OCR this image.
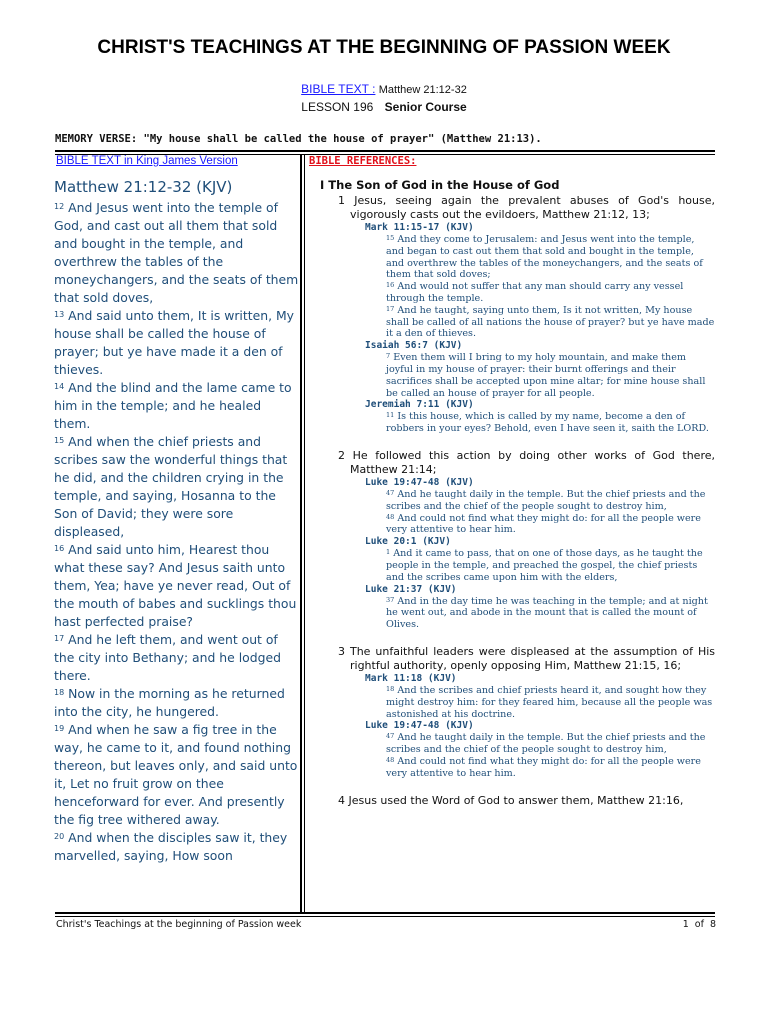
CHRIST'S TEACHINGS AT THE BEGINNING OF PASSION WEEK
BIBLE TEXT : Matthew 21:12-32
LESSON 196 Senior Course
MEMORY VERSE: "My house shall be called the house of prayer" (Matthew 21:13).
BIBLE TEXT in King James Version	BIBLE REFERENCES:
Matthew 21:12-32 (KJV)

$^{12}$ And Jesus went into the temple of God, and cast out all them that sold and bought in the temple, and overthrew the tables of the moneychangers, and the seats of them that sold doves,

$^{13}$ And said unto them, It is written, My house shall be called the house of prayer; but ye have made it a den of thieves.

$^{14}$ And the blind and the lame came to him in the temple; and he healed them.

$^{15}$ And when the chief priests and scribes saw the wonderful things that he did, and the children crying in the temple, and saying, Hosanna to the Son of David; they were sore displeased,

$^{16}$ And said unto him, Hearest thou what these say? And Jesus saith unto them, Yea; have ye never read, Out of the mouth of babes and sucklings thou hast perfected praise?

$^{17}$ And he left them, and went out of the city into Bethany; and he lodged there.

$^{18}$ Now in the morning as he returned into the city, he hungered.

$^{19}$ And when he saw a fig tree in the way, he came to it, and found nothing thereon, but leaves only, and said unto it, Let no fruit grow on thee henceforward for ever. And presently the fig tree withered away.

$^{20}$ And when the disciples saw it, they marvelled, saying, How soon

I The Son of God in the House of God
1 Jesus, seeing again the prevalent abuses of God's house, vigorously casts out the evildoers, Matthew 21:12, 13;
Mark 11:15-17 (KJV)
$^{15}$ And they come to Jerusalem: and Jesus went into the temple, and began to cast out them that sold and bought in the temple, and overthrew the tables of the moneychangers, and the seats of them that sold doves;
$^{16}$ And would not suffer that any man should carry any vessel through the temple.
$^{17}$ And he taught, saying unto them, Is it not written, My house shall be called of all nations the house of prayer? but ye have made it a den of thieves.
Isaiah 56:7 (KJV)
$^7$ Even them will I bring to my holy mountain, and make them joyful in my house of prayer: their burnt offerings and their sacrifices shall be accepted upon mine altar; for mine house shall be called an house of prayer for all people.
Jeremiah 7:11 (KJV)
$^{11}$ Is this house, which is called by my name, become a den of robbers in your eyes? Behold, even I have seen it, saith the LORD.
2 He followed this action by doing other works of God there, Matthew 21:14;
Luke 19:47-48 (KJV)
$^{47}$ And he taught daily in the temple. But the chief priests and the scribes and the chief of the people sought to destroy him,
$^{48}$ And could not find what they might do: for all the people were very attentive to hear him.
Luke 20:1 (KJV)
$^1$ And it came to pass, that on one of those days, as he taught the people in the temple, and preached the gospel, the chief priests and the scribes came upon him with the elders,
Luke 21:37 (KJV)
$^{37}$ And in the day time he was teaching in the temple; and at night he went out, and abode in the mount that is called the mount of Olives.
3 The unfaithful leaders were displeased at the assumption of His rightful authority, openly opposing Him, Matthew 21:15, 16;
Mark 11:18 (KJV)
$^{18}$ And the scribes and chief priests heard it, and sought how they might destroy him: for they feared him, because all the people was astonished at his doctrine.
Luke 19:47-48 (KJV)
$^{47}$ And he taught daily in the temple. But the chief priests and the scribes and the chief of the people sought to destroy him,
$^{48}$ And could not find what they might do: for all the people were very attentive to hear him.
4 Jesus used the Word of God to answer them, Matthew 21:16,
Christ's Teachings at the beginning of Passion week	1 of 8
